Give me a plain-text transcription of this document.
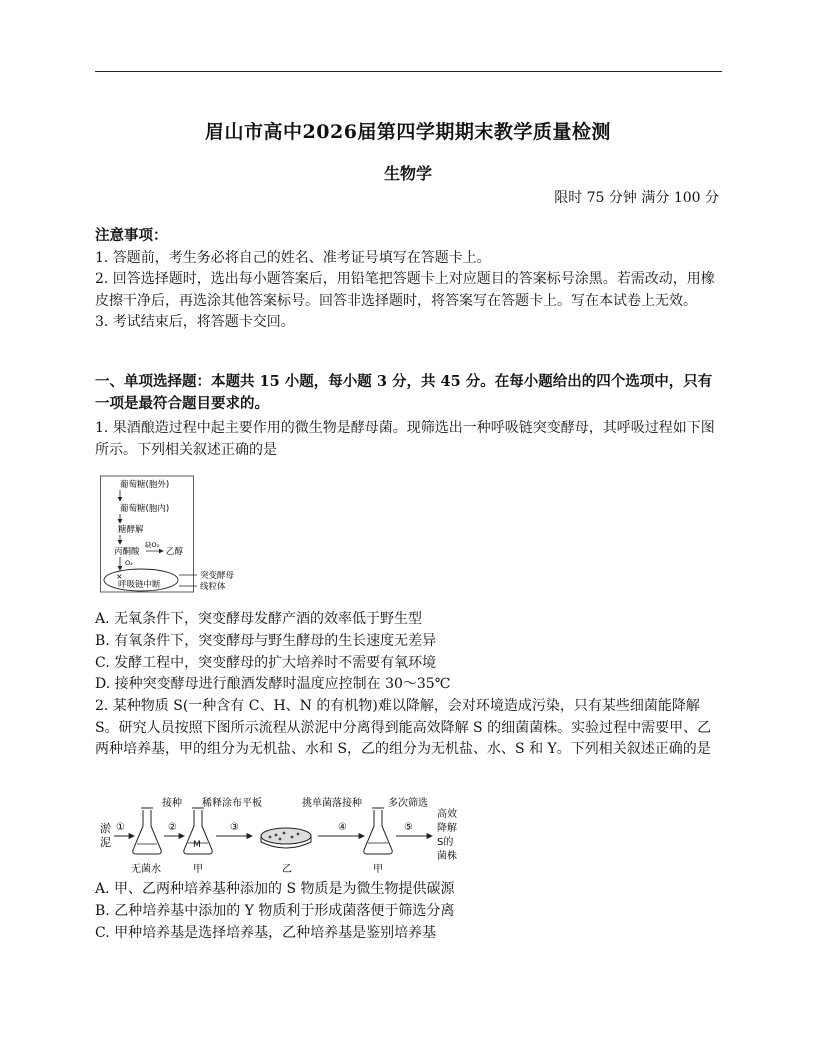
眉山市高中2026届第四学期期末教学质量检测
生物学
限时 75 分钟 满分 100 分
注意事项：

1. 答题前，考生务必将自己的姓名、准考证号填写在答题卡上。

2. 回答选择题时，选出每小题答案后，用铅笔把答题卡上对应题目的答案标号涂黑。若需改动，用橡皮擦干净后，再选涂其他答案标号。回答非选择题时，将答案写在答题卡上。写在本试卷上无效。

3. 考试结束后，将答题卡交回。

一、单项选择题：本题共 15 小题，每小题 3 分，共 45 分。在每小题给出的四个选项中，只有一项是最符合题目要求的。

1. 果酒酿造过程中起主要作用的微生物是酵母菌。现筛选出一种呼吸链突变酵母，其呼吸过程如下图所示。下列相关叙述正确的是

葡萄糖(胞外)
葡萄糖(胞内)
糖酵解
丙酮酸
缺O₂
乙醇
O₂
×
呼吸链中断
突变酵母
线粒体

A. 无氧条件下，突变酵母发酵产酒的效率低于野生型

B. 有氧条件下，突变酵母与野生酵母的生长速度无差异

C. 发酵工程中，突变酵母的扩大培养时不需要有氧环境

D. 接种突变酵母进行酿酒发酵时温度应控制在 30～35℃

2. 某种物质 S(一种含有 C、H、N 的有机物)难以降解，会对环境造成污染，只有某些细菌能降解 S。研究人员按照下图所示流程从淤泥中分离得到能高效降解 S 的细菌菌株。实验过程中需要甲、乙两种培养基，甲的组分为无机盐、水和 S，乙的组分为无机盐、水、S 和 Y。下列相关叙述正确的是

淤
泥
①
无菌水
接种
②
M
甲
稀释涂布平板
③
乙
挑单菌落接种
④
甲
多次筛选
⑤
高效
降解
S的
菌株

A. 甲、乙两种培养基种添加的 S 物质是为微生物提供碳源

B. 乙种培养基中添加的 Y 物质利于形成菌落便于筛选分离

C. 甲种培养基是选择培养基，乙种培养基是鉴别培养基
